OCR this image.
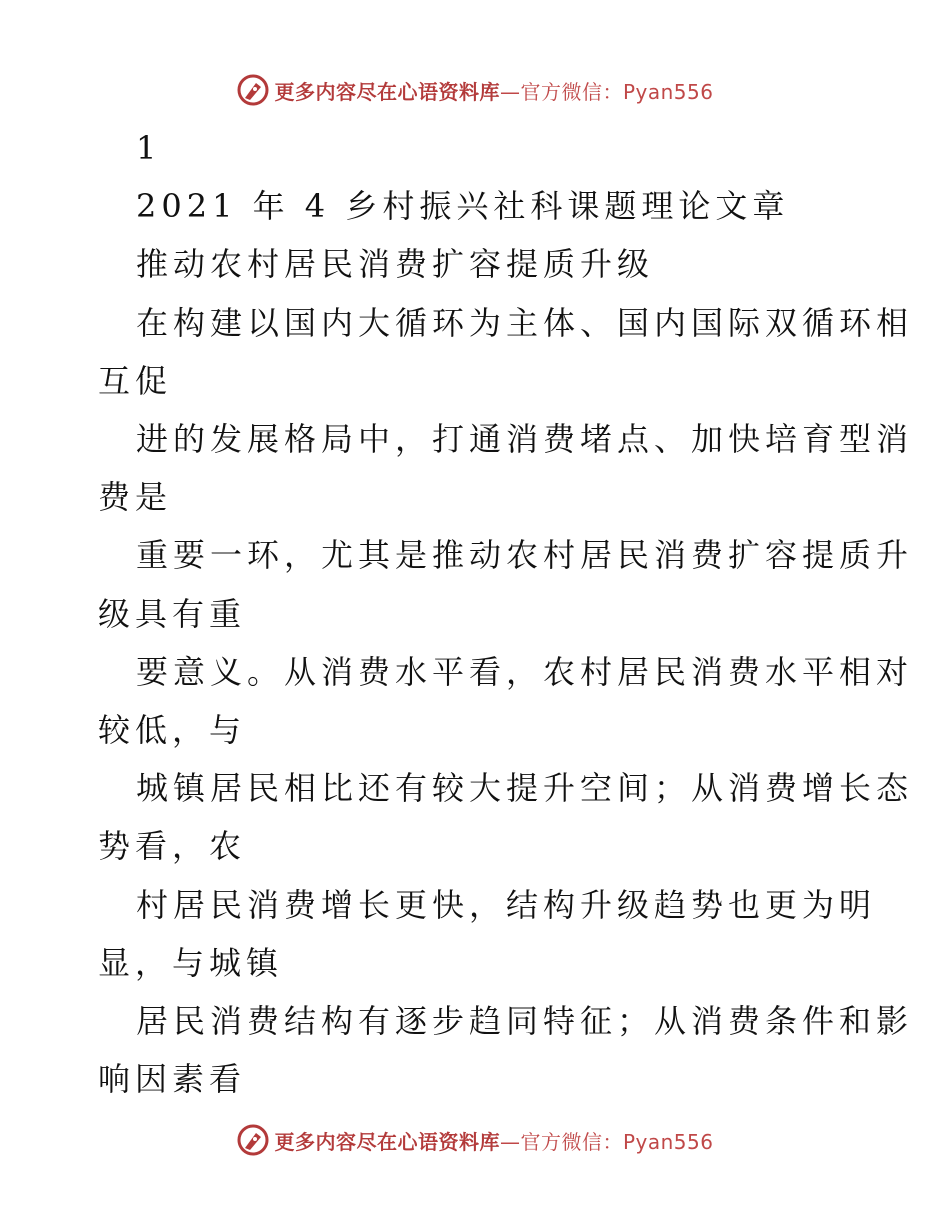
更多内容尽在心语资料库 —官方微信：Pyan556
1
2021 年 4 乡村振兴社科课题理论文章
推动农村居民消费扩容提质升级
在构建以国内大循环为主体、国内国际双循环相
互促
进的发展格局中，打通消费堵点、加快培育型消
费是
重要一环，尤其是推动农村居民消费扩容提质升
级具有重
要意义。从消费水平看，农村居民消费水平相对
较低，与
城镇居民相比还有较大提升空间；从消费增长态
势看，农
村居民消费增长更快，结构升级趋势也更为明
显，与城镇
居民消费结构有逐步趋同特征；从消费条件和影
响因素看
更多内容尽在心语资料库 —官方微信：Pyan556
